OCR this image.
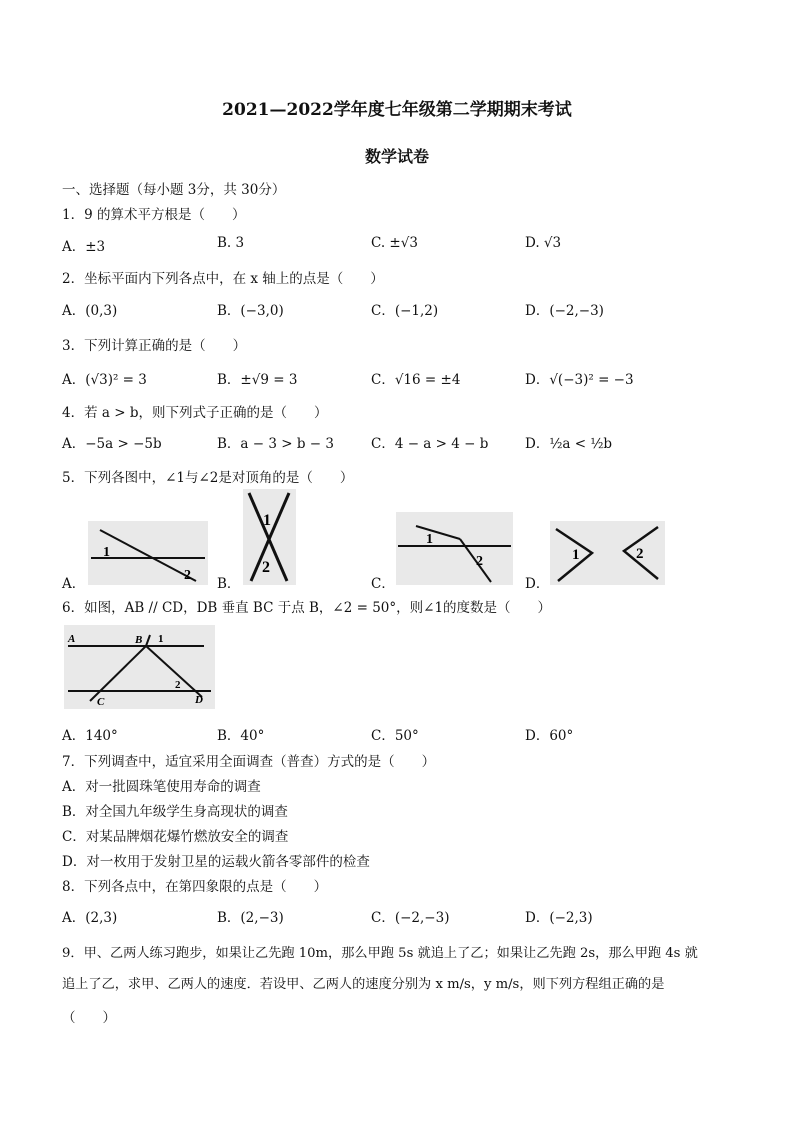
2021—2022学年度七年级第二学期期末考试
数学试卷
一、选择题（每小题 3分，共 30分）
1．9 的算术平方根是（　　）
A．±3	B. 3	C. ±√3	D. √3
2．坐标平面内下列各点中，在 x 轴上的点是（　　）
A．(0,3)	B．(−3,0)	C．(−1,2)	D．(−2,−3)
3．下列计算正确的是（　　）
A．(√3)² = 3	B．±√9 = 3	C．√16 = ±4	D．√(−3)² = −3
4．若 a > b，则下列式子正确的是（　　）
A．−5a > −5b	B．a − 3 > b − 3	C．4 − a > 4 − b	D．½a < ½b
5．下列各图中，∠1与∠2是对顶角的是（　　）
A．
1
2
B．
1
2
C．
1
2
D．
1	2
6．如图，AB // CD，DB 垂直 BC 于点 B，∠2 = 50°，则∠1的度数是（　　）
A	B 1
C
2
D
A．140°	B．40°	C．50°	D．60°
7．下列调查中，适宜采用全面调查（普查）方式的是（　　）
A．对一批圆珠笔使用寿命的调查
B．对全国九年级学生身高现状的调查
C．对某品牌烟花爆竹燃放安全的调查
D．对一枚用于发射卫星的运载火箭各零部件的检查
8．下列各点中，在第四象限的点是（　　）
A．(2,3)	B．(2,−3)	C．(−2,−3)	D．(−2,3)
9．甲、乙两人练习跑步，如果让乙先跑 10m，那么甲跑 5s 就追上了乙；如果让乙先跑 2s，那么甲跑 4s 就
追上了乙，求甲、乙两人的速度．若设甲、乙两人的速度分别为 x m/s，y m/s，则下列方程组正确的是
（　　）
